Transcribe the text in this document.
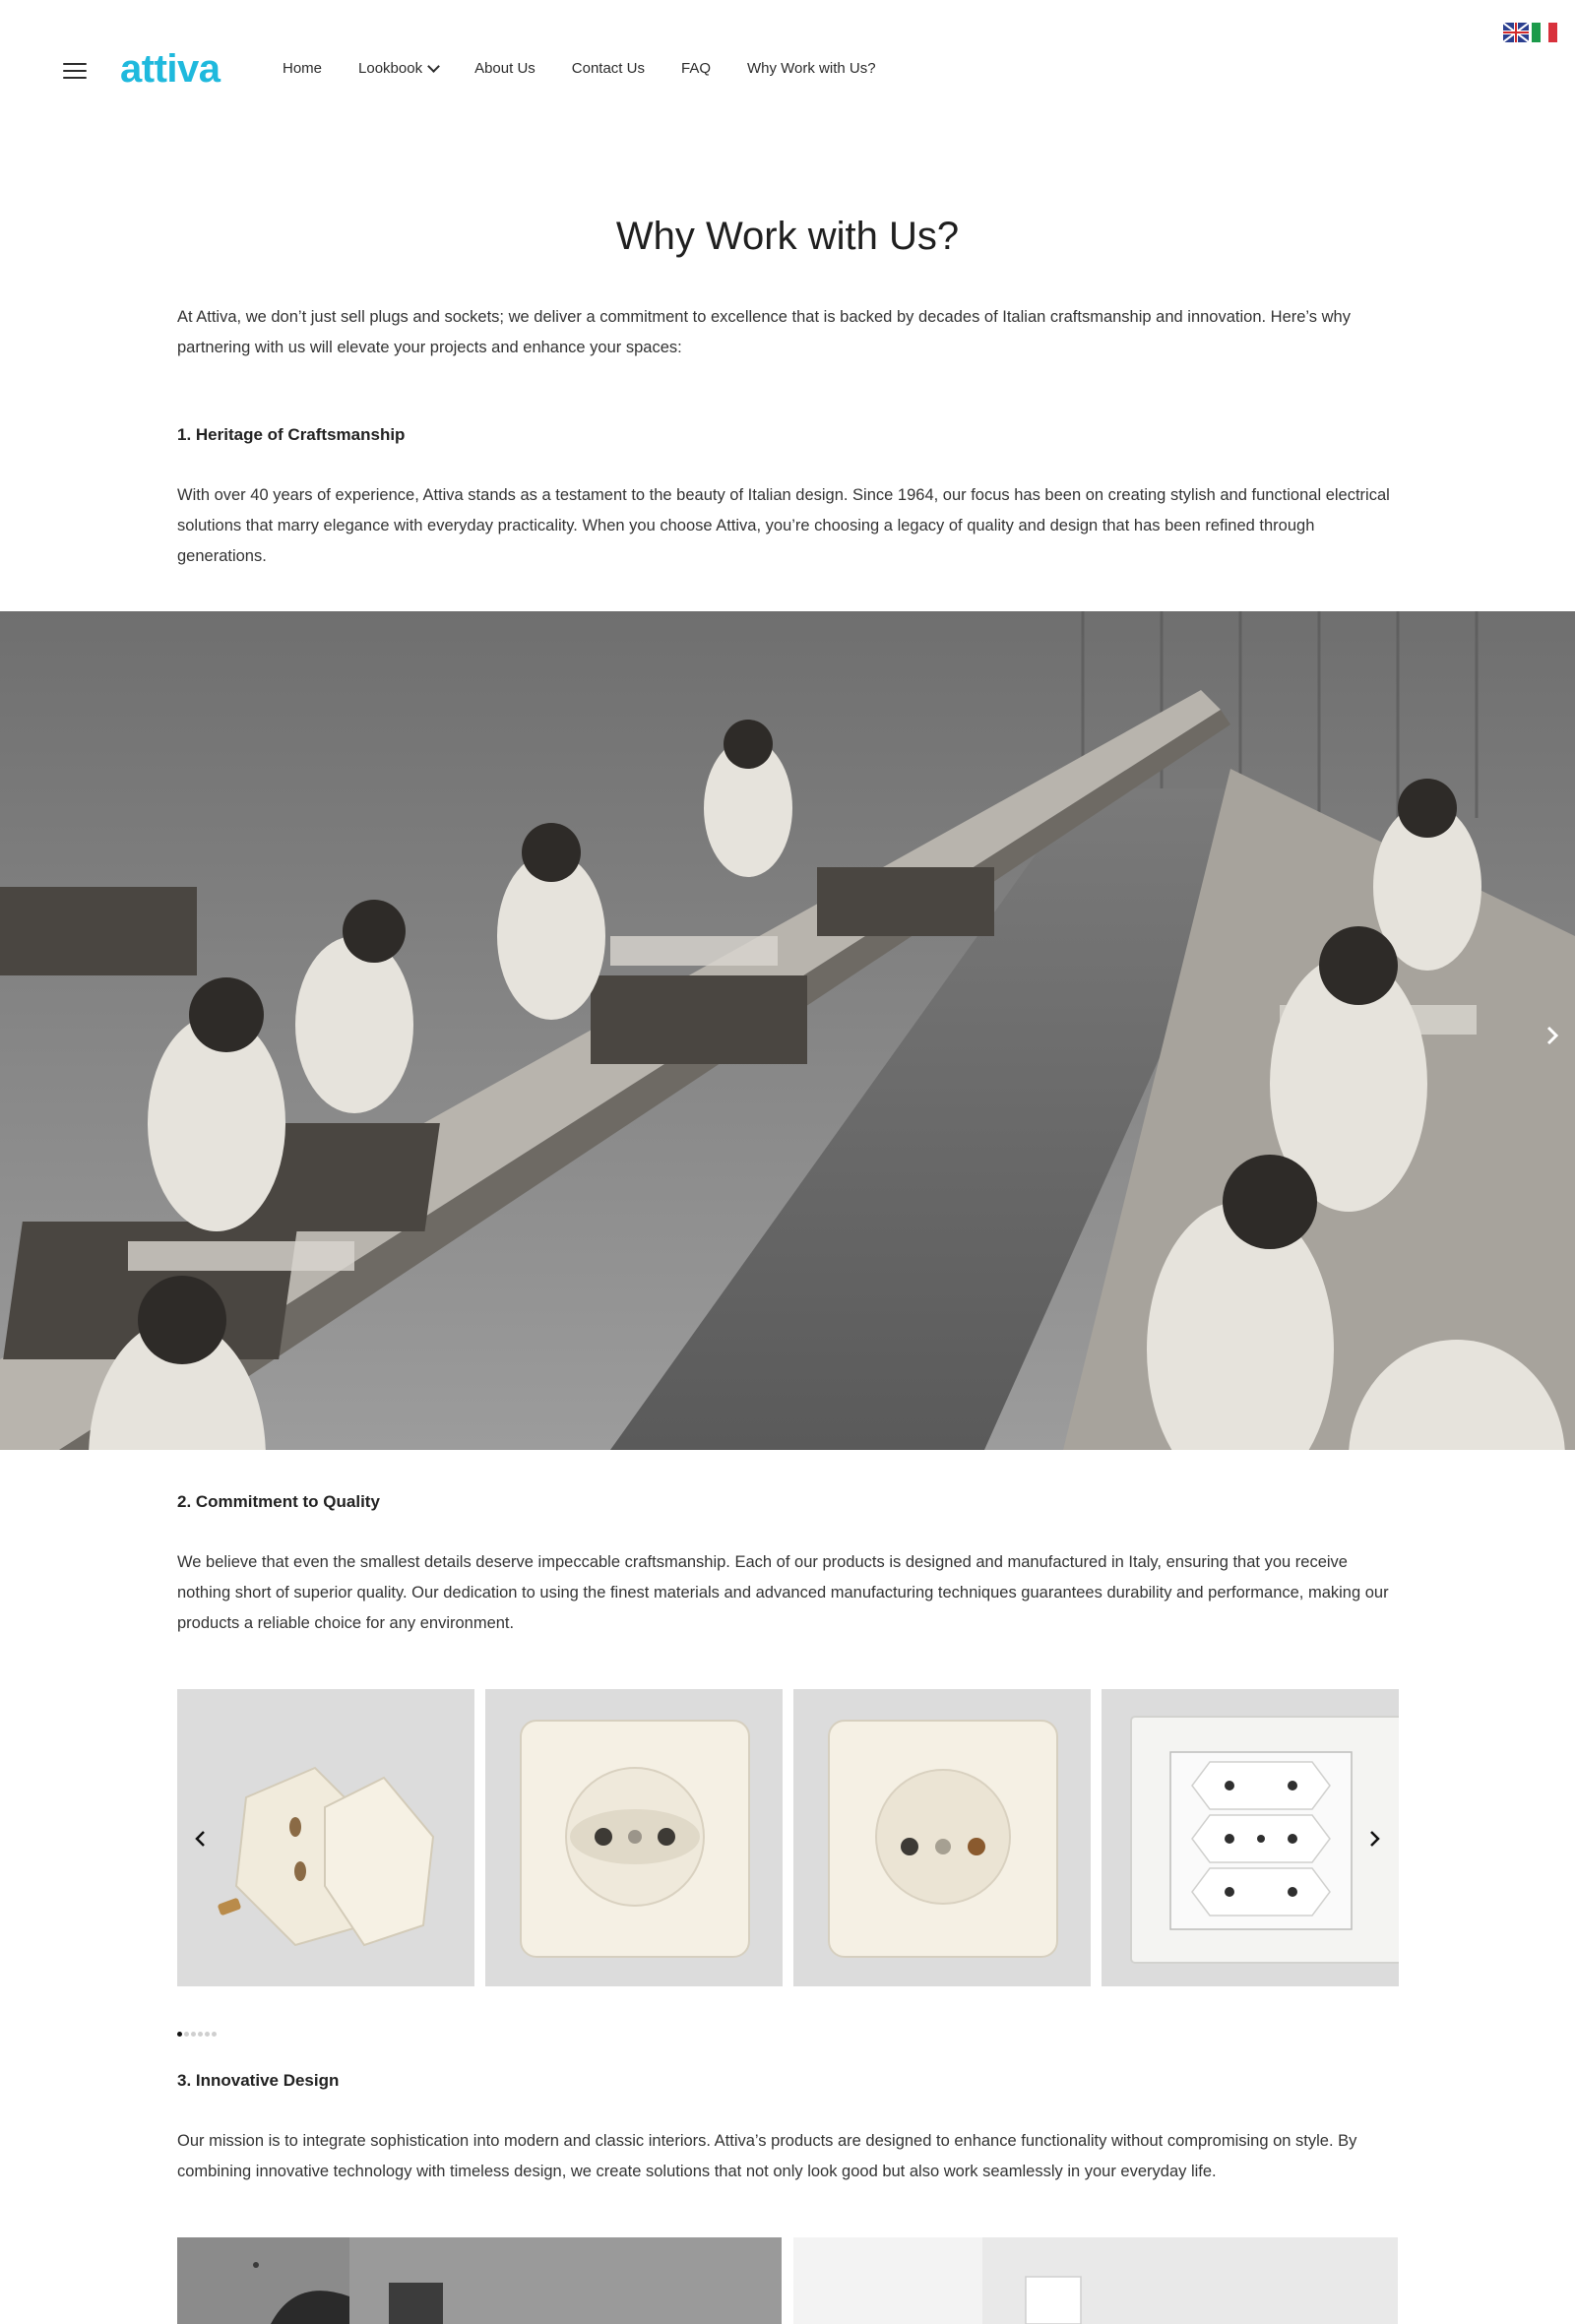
attiva	Home Lookbook	About Us Contact Us FAQ Why Work with Us?
Why Work with Us?

At Attiva, we don’t just sell plugs and sockets; we deliver a commitment to excellence that is backed by decades of Italian craftsmanship and innovation. Here’s why partnering with us will elevate your projects and enhance your spaces:

1. Heritage of Craftsmanship

With over 40 years of experience, Attiva stands as a testament to the beauty of Italian design. Since 1964, our focus has been on creating stylish and functional electrical solutions that marry elegance with everyday practicality. When you choose Attiva, you’re choosing a legacy of quality and design that has been refined through generations.

2. Commitment to Quality

We believe that even the smallest details deserve impeccable craftsmanship. Each of our products is designed and manufactured in Italy, ensuring that you receive nothing short of superior quality. Our dedication to using the finest materials and advanced manufacturing techniques guarantees durability and performance, making our products a reliable choice for any environment.

3. Innovative Design

Our mission is to integrate sophistication into modern and classic interiors. Attiva’s products are designed to enhance functionality without compromising on style. By combining innovative technology with timeless design, we create solutions that not only look good but also work seamlessly in your everyday life.
